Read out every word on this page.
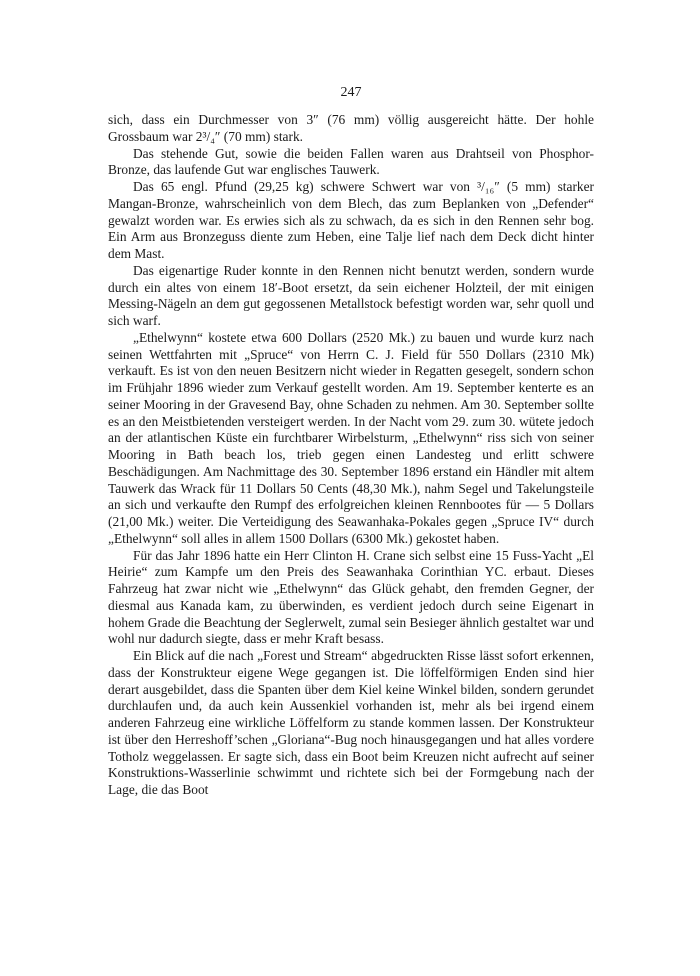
247

sich, dass ein Durchmesser von 3″ (76 mm) völlig ausgereicht hätte. Der hohle Grossbaum war 2³/₄″ (70 mm) stark.

Das stehende Gut, sowie die beiden Fallen waren aus Drahtseil von Phosphor-Bronze, das laufende Gut war englisches Tauwerk.

Das 65 engl. Pfund (29,25 kg) schwere Schwert war von ³/₁₆″ (5 mm) starker Mangan-Bronze, wahrscheinlich von dem Blech, das zum Beplanken von „Defender“ gewalzt worden war. Es erwies sich als zu schwach, da es sich in den Rennen sehr bog. Ein Arm aus Bronzeguss diente zum Heben, eine Talje lief nach dem Deck dicht hinter dem Mast.

Das eigenartige Ruder konnte in den Rennen nicht benutzt werden, sondern wurde durch ein altes von einem 18′-Boot ersetzt, da sein eichener Holzteil, der mit einigen Messing-Nägeln an dem gut gegossenen Metallstock befestigt worden war, sehr quoll und sich warf.

„Ethelwynn“ kostete etwa 600 Dollars (2520 Mk.) zu bauen und wurde kurz nach seinen Wettfahrten mit „Spruce“ von Herrn C. J. Field für 550 Dollars (2310 Mk) verkauft. Es ist von den neuen Besitzern nicht wieder in Regatten gesegelt, sondern schon im Frühjahr 1896 wieder zum Verkauf gestellt worden. Am 19. September kenterte es an seiner Mooring in der Gravesend Bay, ohne Schaden zu nehmen. Am 30. September sollte es an den Meistbietenden versteigert werden. In der Nacht vom 29. zum 30. wütete jedoch an der atlantischen Küste ein furchtbarer Wirbelsturm, „Ethelwynn“ riss sich von seiner Mooring in Bath beach los, trieb gegen einen Landesteg und erlitt schwere Beschädigungen. Am Nachmittage des 30. September 1896 erstand ein Händler mit altem Tauwerk das Wrack für 11 Dollars 50 Cents (48,30 Mk.), nahm Segel und Takelungsteile an sich und verkaufte den Rumpf des erfolgreichen kleinen Rennbootes für — 5 Dollars (21,00 Mk.) weiter. Die Verteidigung des Seawanhaka-Pokales gegen „Spruce IV“ durch „Ethelwynn“ soll alles in allem 1500 Dollars (6300 Mk.) gekostet haben.

Für das Jahr 1896 hatte ein Herr Clinton H. Crane sich selbst eine 15 Fuss-Yacht „El Heirie“ zum Kampfe um den Preis des Seawanhaka Corinthian YC. erbaut. Dieses Fahrzeug hat zwar nicht wie „Ethelwynn“ das Glück gehabt, den fremden Gegner, der diesmal aus Kanada kam, zu überwinden, es verdient jedoch durch seine Eigenart in hohem Grade die Beachtung der Seglerwelt, zumal sein Besieger ähnlich gestaltet war und wohl nur dadurch siegte, dass er mehr Kraft besass.

Ein Blick auf die nach „Forest und Stream“ abgedruckten Risse lässt sofort erkennen, dass der Konstrukteur eigene Wege gegangen ist. Die löffelförmigen Enden sind hier derart ausgebildet, dass die Spanten über dem Kiel keine Winkel bilden, sondern gerundet durchlaufen und, da auch kein Aussenkiel vorhanden ist, mehr als bei irgend einem anderen Fahrzeug eine wirkliche Löffelform zu stande kommen lassen. Der Konstrukteur ist über den Herreshoff’schen „Gloriana“-Bug noch hinausgegangen und hat alles vordere Totholz weggelassen. Er sagte sich, dass ein Boot beim Kreuzen nicht aufrecht auf seiner Konstruktions-Wasserlinie schwimmt und richtete sich bei der Formgebung nach der Lage, die das Boot
